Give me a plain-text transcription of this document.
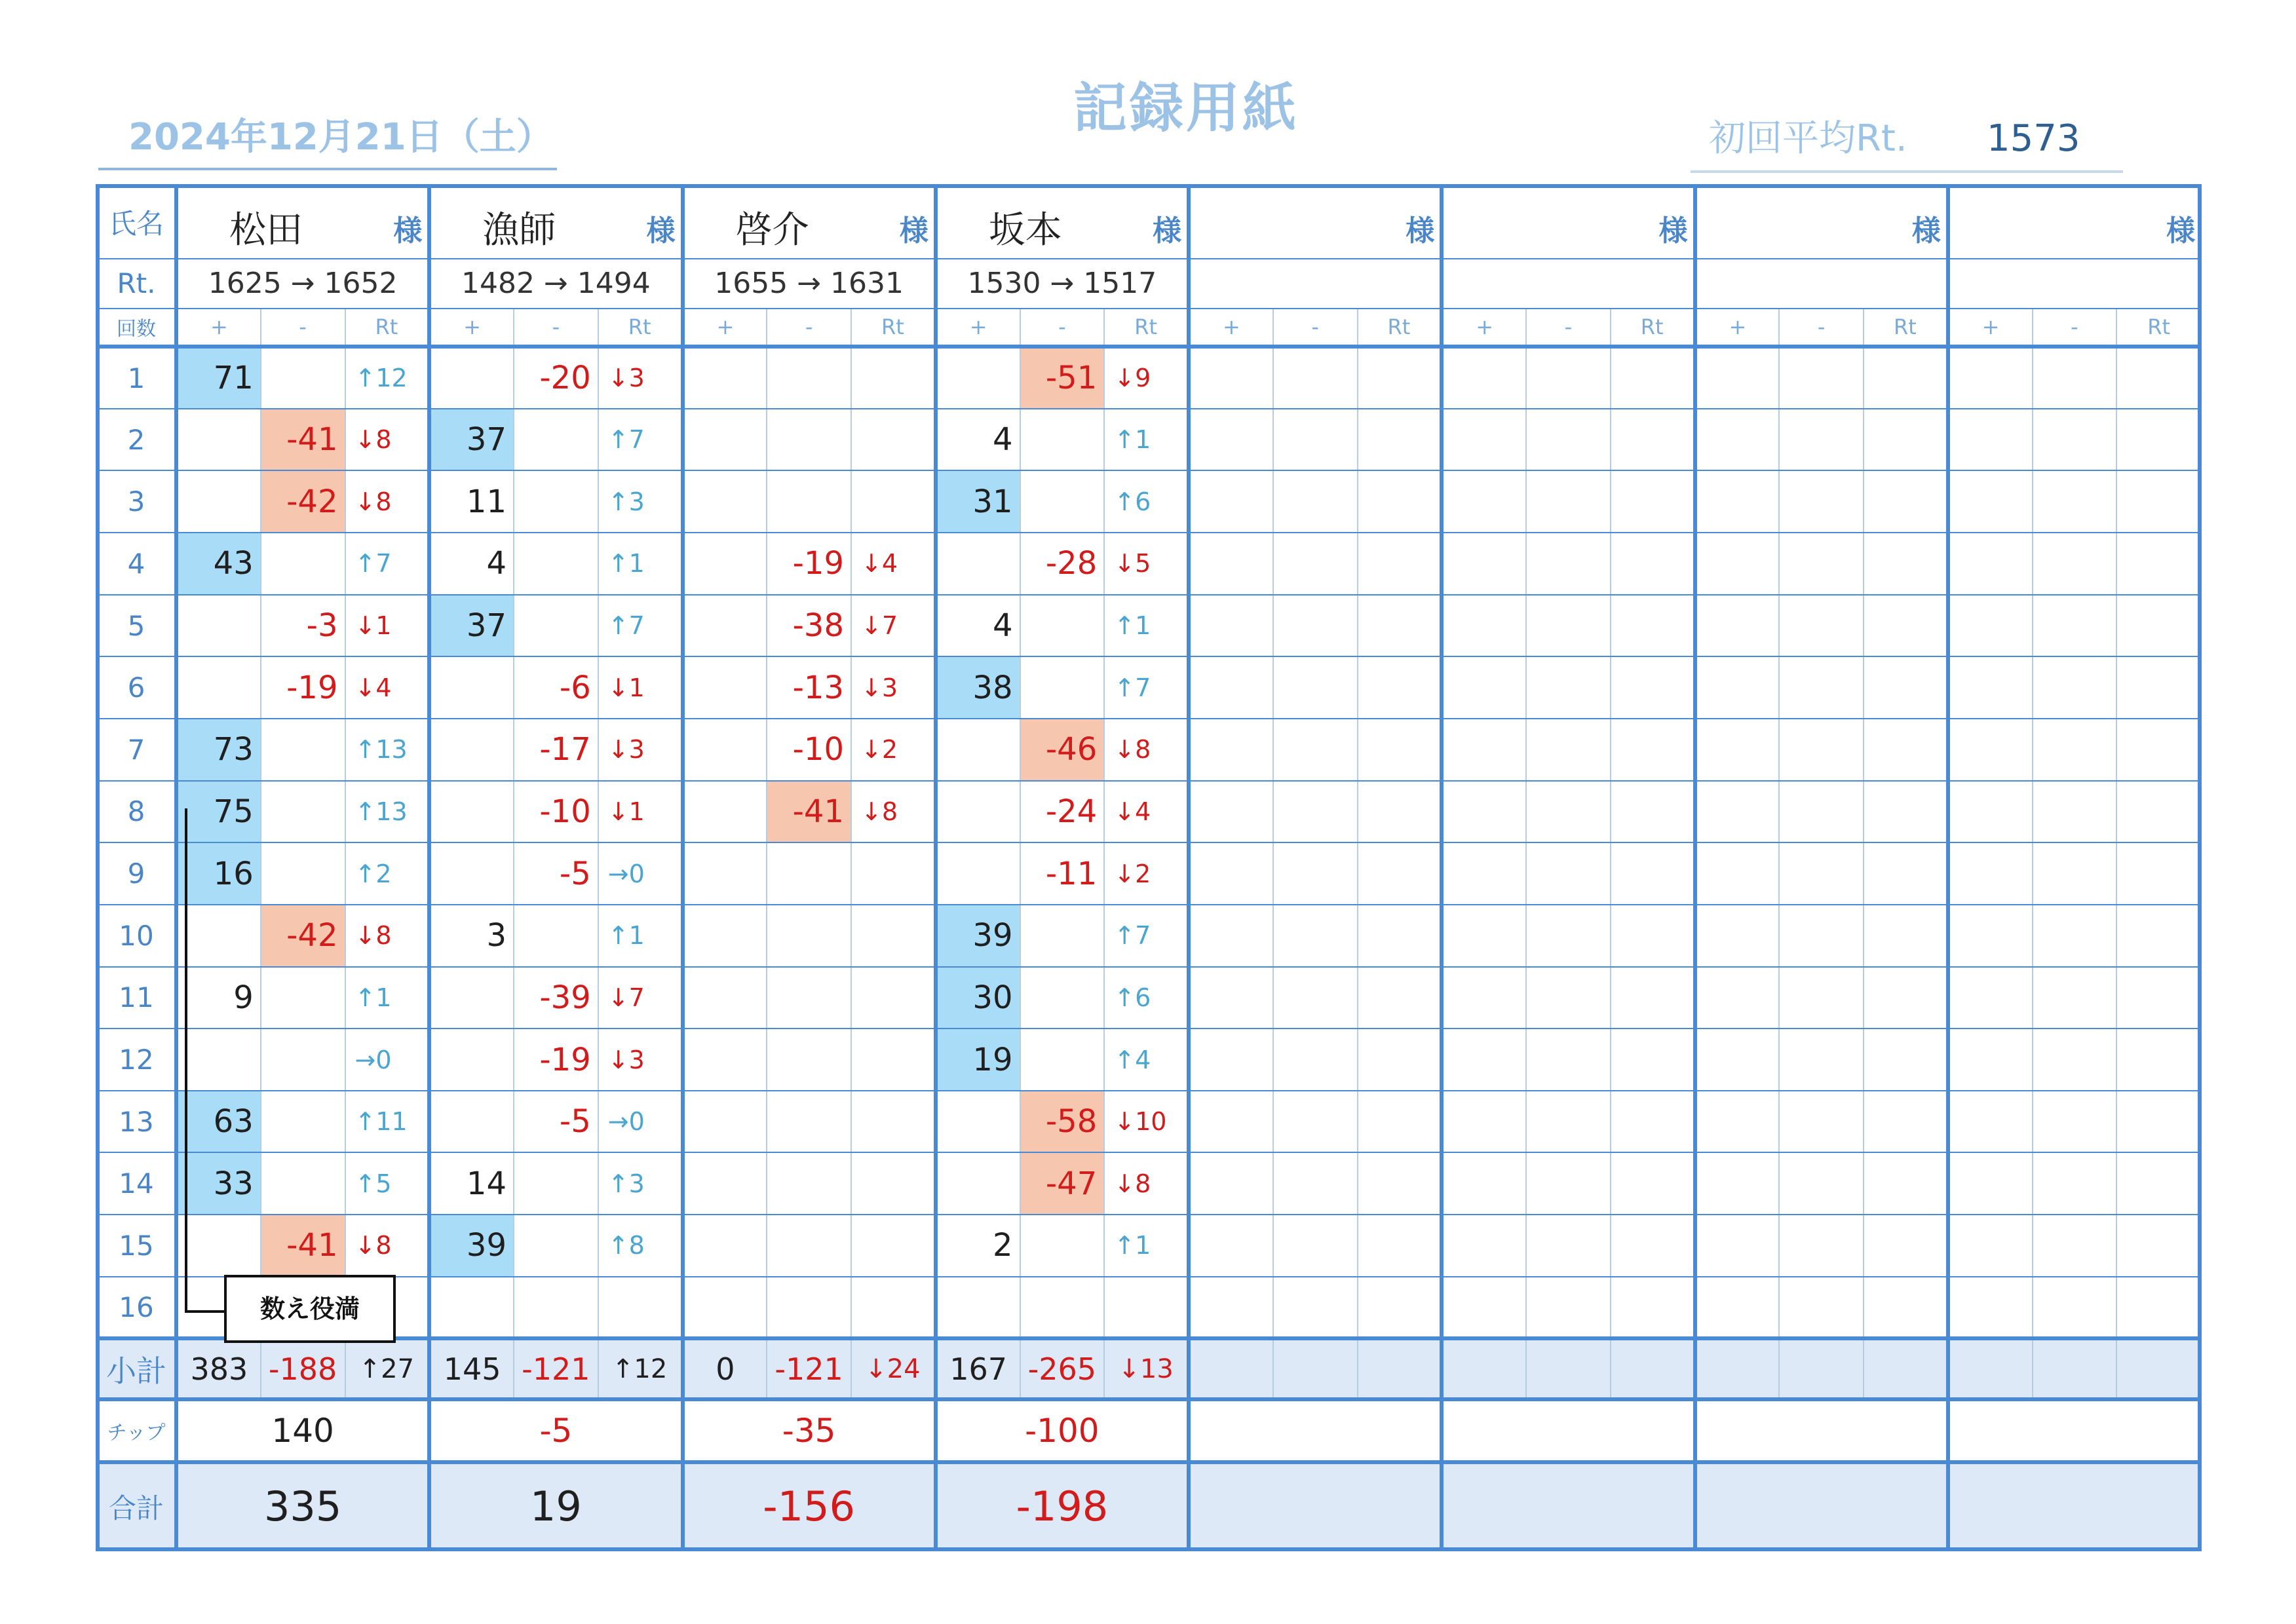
2024年12月21日（土）	記録用紙	初回平均Rt. 1573
氏名	松田 様			漁師 様			啓介 様			坂本 様			様			様			様			様		

Rt.	1625 → 1652			1482 → 1494			1655 → 1631			1530 → 1517														
回数	+	-	Rt	+	-	Rt	+	-	Rt	+	-	Rt	+	-	Rt	+	-	Rt	+	-	Rt	+	-	Rt
1	71		↑12		-20	↓3					-51	↓9												
2		-41	↓8	37		↑7				4		↑1												
3		-42	↓8	11		↑3				31		↑6												
4	43		↑7	4		↑1		-19	↓4		-28	↓5												
5		-3	↓1	37		↑7		-38	↓7	4		↑1												
6		-19	↓4		-6	↓1		-13	↓3	38		↑7												
7	73		↑13		-17	↓3		-10	↓2		-46	↓8												
8	75		↑13		-10	↓1		-41	↓8		-24	↓4												
9	16		↑2		-5	→0					-11	↓2												
10		-42	↓8	3		↑1				39		↑7												
11	9		↑1		-39	↓7				30		↑6												
12			→0		-19	↓3				19		↑4												
13	63		↑11		-5	→0					-58	↓10												
14	33		↑5	14		↑3					-47	↓8												
15		-41	↓8	39		↑8				2		↑1												
16																								
小計	383	-188	↑27	145	-121	↑12	0	-121	↓24	167	-265	↓13												
チップ	140			-5			-35			-100														
合計	335			19			-156			-198														
数え役満
